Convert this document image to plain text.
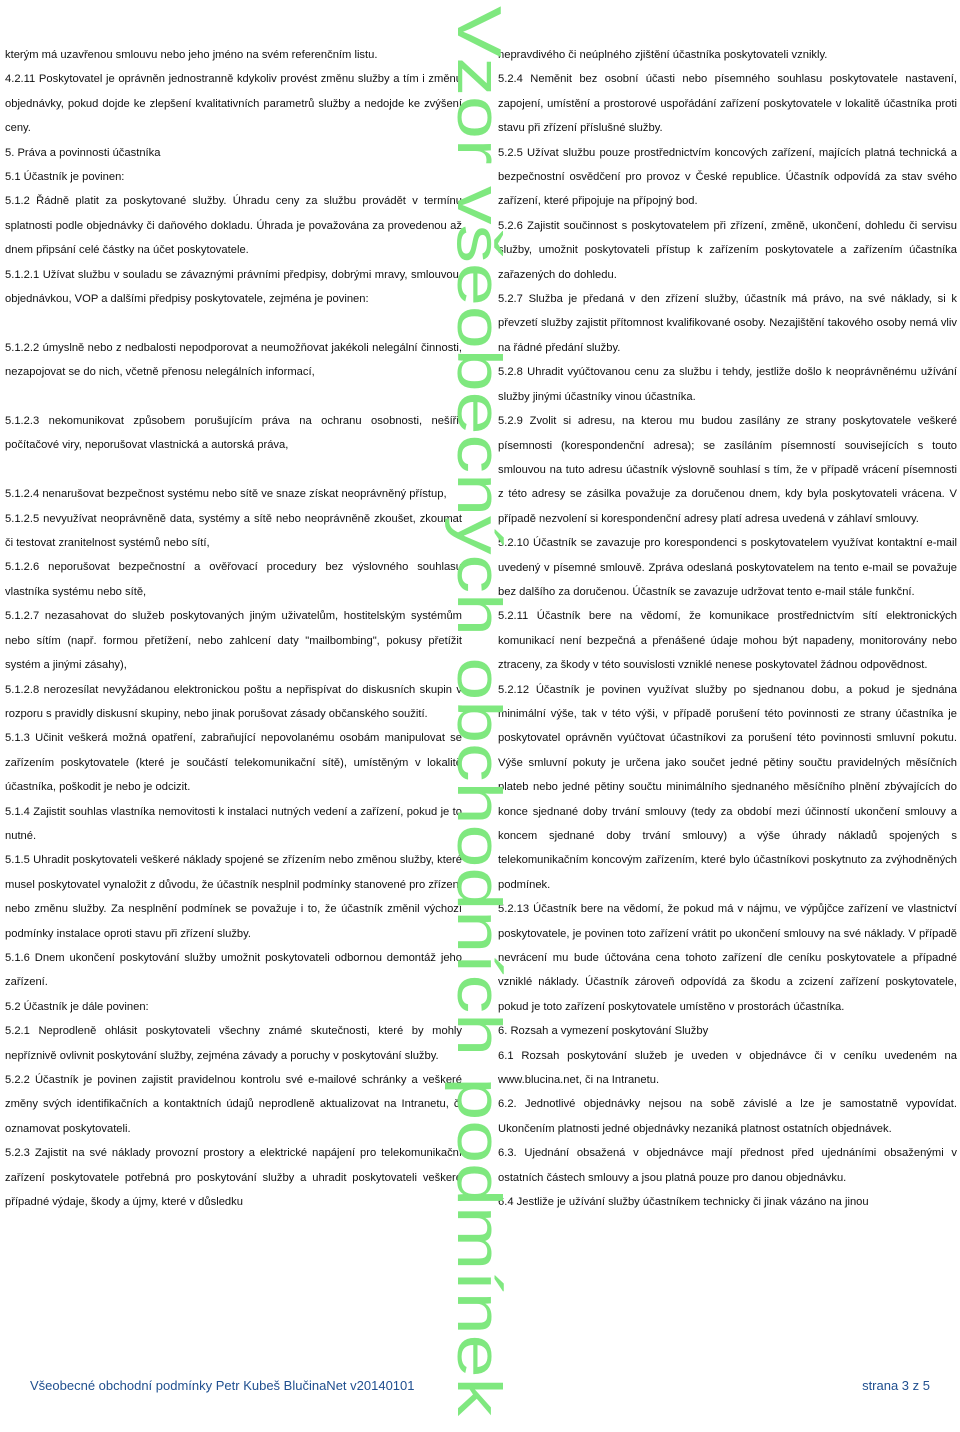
kterým má uzavřenou smlouvu nebo jeho jméno na svém referenčním listu.

4.2.11 Poskytovatel je oprávněn jednostranně kdykoliv provést změnu služby a tím i změnu objednávky, pokud dojde ke zlepšení kvalitativních parametrů služby a nedojde ke zvýšení ceny.

5. Práva a povinnosti účastníka

5.1 Účastník je povinen:

5.1.2 Řádně platit za poskytované služby. Úhradu ceny za službu provádět v termínu splatnosti podle objednávky či daňového dokladu. Úhrada je považována za provedenou až dnem připsání celé částky na účet poskytovatele.

5.1.2.1 Užívat službu v souladu se závaznými právními předpisy, dobrými mravy, smlouvou, objednávkou, VOP a dalšími předpisy poskytovatele, zejména je povinen:

5.1.2.2 úmyslně nebo z nedbalosti nepodporovat a neumožňovat jakékoli nelegální činnosti, nezapojovat se do nich, včetně přenosu nelegálních informací,

5.1.2.3 nekomunikovat způsobem porušujícím práva na ochranu osobnosti, nešířit počítačové viry, neporušovat vlastnická a autorská práva,

5.1.2.4 nenarušovat bezpečnost systému nebo sítě ve snaze získat neoprávněný přístup,

5.1.2.5 nevyužívat neoprávněně data, systémy a sítě nebo neoprávněně zkoušet, zkoumat či testovat zranitelnost systémů nebo sítí,

5.1.2.6 neporušovat bezpečnostní a ověřovací procedury bez výslovného souhlasu vlastníka systému nebo sítě,

5.1.2.7 nezasahovat do služeb poskytovaných jiným uživatelům, hostitelským systémům nebo sítím (např. formou přetížení, nebo zahlcení daty "mailbombing", pokusy přetížit systém a jinými zásahy),

5.1.2.8 nerozesílat nevyžádanou elektronickou poštu a nepřispívat do diskusních skupin v rozporu s pravidly diskusní skupiny, nebo jinak porušovat zásady občanského soužití.

5.1.3 Učinit veškerá možná opatření, zabraňující nepovolanému osobám manipulovat se zařízením poskytovatele (které je součástí telekomunikační sítě), umístěným v lokalitě účastníka, poškodit je nebo je odcizit.

5.1.4 Zajistit souhlas vlastníka nemovitosti k instalaci nutných vedení a zařízení, pokud je to nutné.

5.1.5 Uhradit poskytovateli veškeré náklady spojené se zřízením nebo změnou služby, které musel poskytovatel vynaložit z důvodu, že účastník nesplnil podmínky stanovené pro zřízení nebo změnu služby. Za nesplnění podmínek se považuje i to, že účastník změnil výchozí podmínky instalace oproti stavu při zřízení služby.

5.1.6 Dnem ukončení poskytování služby umožnit poskytovateli odbornou demontáž jeho zařízení.

5.2 Účastník je dále povinen:

5.2.1 Neprodleně ohlásit poskytovateli všechny známé skutečnosti, které by mohly nepříznivě ovlivnit poskytování služby, zejména závady a poruchy v poskytování služby.

5.2.2 Účastník je povinen zajistit pravidelnou kontrolu své e-mailové schránky a veškeré změny svých identifikačních a kontaktních údajů neprodleně aktualizovat na Intranetu, či oznamovat poskytovateli.

5.2.3 Zajistit na své náklady provozní prostory a elektrické napájení pro telekomunikační zařízení poskytovatele potřebná pro poskytování služby a uhradit poskytovateli veškeré případné výdaje, škody a újmy, které v důsledku

nepravdivého či neúplného zjištění účastníka poskytovateli vznikly.

5.2.4 Neměnit bez osobní účasti nebo písemného souhlasu poskytovatele nastavení, zapojení, umístění a prostorové uspořádání zařízení poskytovatele v lokalitě účastníka proti stavu při zřízení příslušné služby.

5.2.5 Užívat službu pouze prostřednictvím koncových zařízení, majících platná technická a bezpečnostní osvědčení pro provoz v České republice. Účastník odpovídá za stav svého zařízení, které připojuje na přípojný bod.

5.2.6 Zajistit součinnost s poskytovatelem při zřízení, změně, ukončení, dohledu či servisu služby, umožnit poskytovateli přístup k zařízením poskytovatele a zařízením účastníka zařazených do dohledu.

5.2.7 Služba je předaná v den zřízení služby, účastník má právo, na své náklady, si k převzetí služby zajistit přítomnost kvalifikované osoby. Nezajištění takového osoby nemá vliv na řádné předání služby.

5.2.8 Uhradit vyúčtovanou cenu za službu i tehdy, jestliže došlo k neoprávněnému užívání služby jinými účastníky vinou účastníka.

5.2.9 Zvolit si adresu, na kterou mu budou zasílány ze strany poskytovatele veškeré písemnosti (korespondenční adresa); se zasíláním písemností souvisejících s touto smlouvou na tuto adresu účastník výslovně souhlasí s tím, že v případě vrácení písemnosti z této adresy se zásilka považuje za doručenou dnem, kdy byla poskytovateli vrácena. V případě nezvolení si korespondenční adresy platí adresa uvedená v záhlaví smlouvy.

5.2.10 Účastník se zavazuje pro korespondenci s poskytovatelem využívat kontaktní e-mail uvedený v písemné smlouvě. Zpráva odeslaná poskytovatelem na tento e-mail se považuje bez dalšího za doručenou. Účastník se zavazuje udržovat tento e-mail stále funkční.

5.2.11 Účastník bere na vědomí, že komunikace prostřednictvím sítí elektronických komunikací není bezpečná a přenášené údaje mohou být napadeny, monitorovány nebo ztraceny, za škody v této souvislosti vzniklé nenese poskytovatel žádnou odpovědnost.

5.2.12 Účastník je povinen využívat služby po sjednanou dobu, a pokud je sjednána minimální výše, tak v této výši, v případě porušení této povinnosti ze strany účastníka je poskytovatel oprávněn vyúčtovat účastníkovi za porušení této povinnosti smluvní pokutu. Výše smluvní pokuty je určena jako součet jedné pětiny součtu pravidelných měsíčních plateb nebo jedné pětiny součtu minimálního sjednaného měsíčního plnění zbývajících do konce sjednané doby trvání smlouvy (tedy za období mezi účinností ukončení smlouvy a koncem sjednané doby trvání smlouvy) a výše úhrady nákladů spojených s telekomunikačním koncovým zařízením, které bylo účastníkovi poskytnuto za zvýhodněných podmínek.

5.2.13 Účastník bere na vědomí, že pokud má v nájmu, ve výpůjčce zařízení ve vlastnictví poskytovatele, je povinen toto zařízení vrátit po ukončení smlouvy na své náklady. V případě nevrácení mu bude účtována cena tohoto zařízení dle ceníku poskytovatele a případné vzniklé náklady. Účastník zároveň odpovídá za škodu a zcizení zařízení poskytovatele, pokud je toto zařízení poskytovatele umístěno v prostorách účastníka.

6. Rozsah a vymezení poskytování Služby

6.1 Rozsah poskytování služeb je uveden v objednávce či v ceníku uvedeném na www.blucina.net, či na Intranetu.

6.2. Jednotlivé objednávky nejsou na sobě závislé a lze je samostatně vypovídat. Ukončením platnosti jedné objednávky nezaniká platnost ostatních objednávek.

6.3. Ujednání obsažená v objednávce mají přednost před ujednáními obsaženými v ostatních částech smlouvy a jsou platná pouze pro danou objednávku.

6.4 Jestliže je užívání služby účastníkem technicky či jinak vázáno na jinou

Vzor všeobecných obchodních podmínek
Všeobecné obchodní podmínky Petr Kubeš BlučinaNet v20140101	strana 3 z 5
